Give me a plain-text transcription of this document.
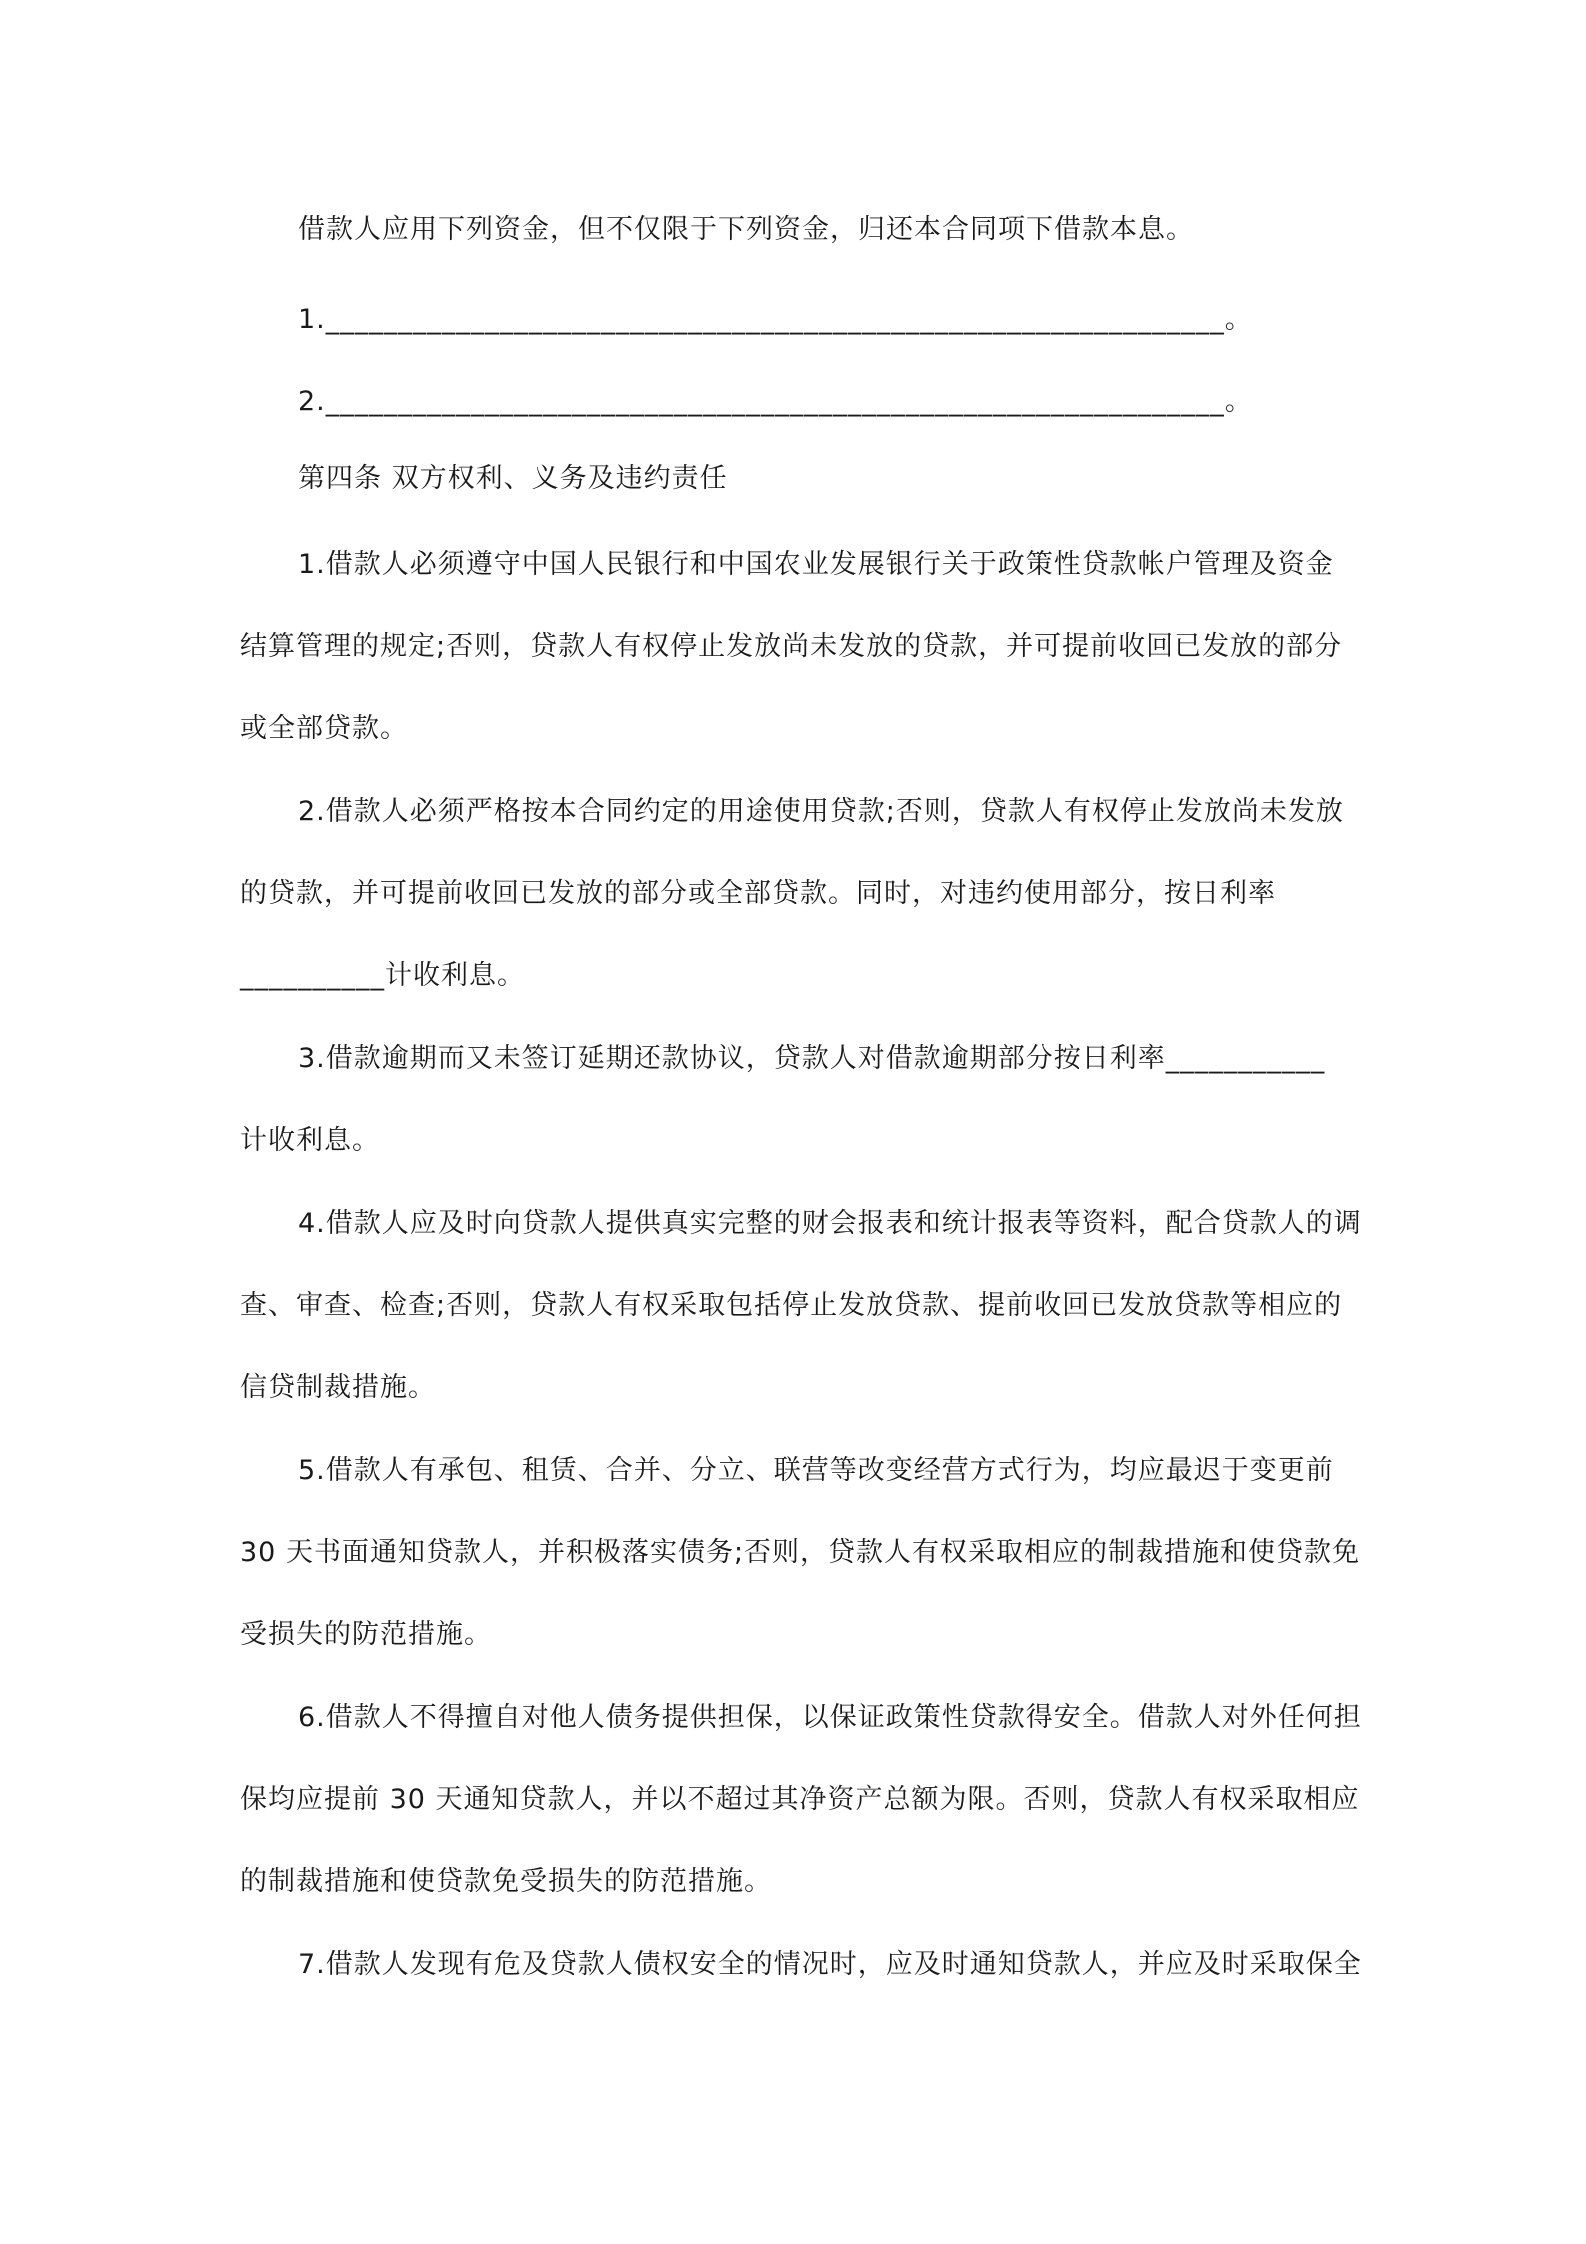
借款人应用下列资金，但不仅限于下列资金，归还本合同项下借款本息。
1.______________________________________________________________。
2.______________________________________________________________。
第四条 双方权利、义务及违约责任
1.借款人必须遵守中国人民银行和中国农业发展银行关于政策性贷款帐户管理及资金
结算管理的规定;否则，贷款人有权停止发放尚未发放的贷款，并可提前收回已发放的部分
或全部贷款。
2.借款人必须严格按本合同约定的用途使用贷款;否则，贷款人有权停止发放尚未发放
的贷款，并可提前收回已发放的部分或全部贷款。同时，对违约使用部分，按日利率
__________计收利息。
3.借款逾期而又未签订延期还款协议，贷款人对借款逾期部分按日利率___________
计收利息。
4.借款人应及时向贷款人提供真实完整的财会报表和统计报表等资料，配合贷款人的调
查、审查、检查;否则，贷款人有权采取包括停止发放贷款、提前收回已发放贷款等相应的
信贷制裁措施。
5.借款人有承包、租赁、合并、分立、联营等改变经营方式行为，均应最迟于变更前
30 天书面通知贷款人，并积极落实债务;否则，贷款人有权采取相应的制裁措施和使贷款免
受损失的防范措施。
6.借款人不得擅自对他人债务提供担保，以保证政策性贷款得安全。借款人对外任何担
保均应提前 30 天通知贷款人，并以不超过其净资产总额为限。否则，贷款人有权采取相应
的制裁措施和使贷款免受损失的防范措施。
7.借款人发现有危及贷款人债权安全的情况时，应及时通知贷款人，并应及时采取保全
